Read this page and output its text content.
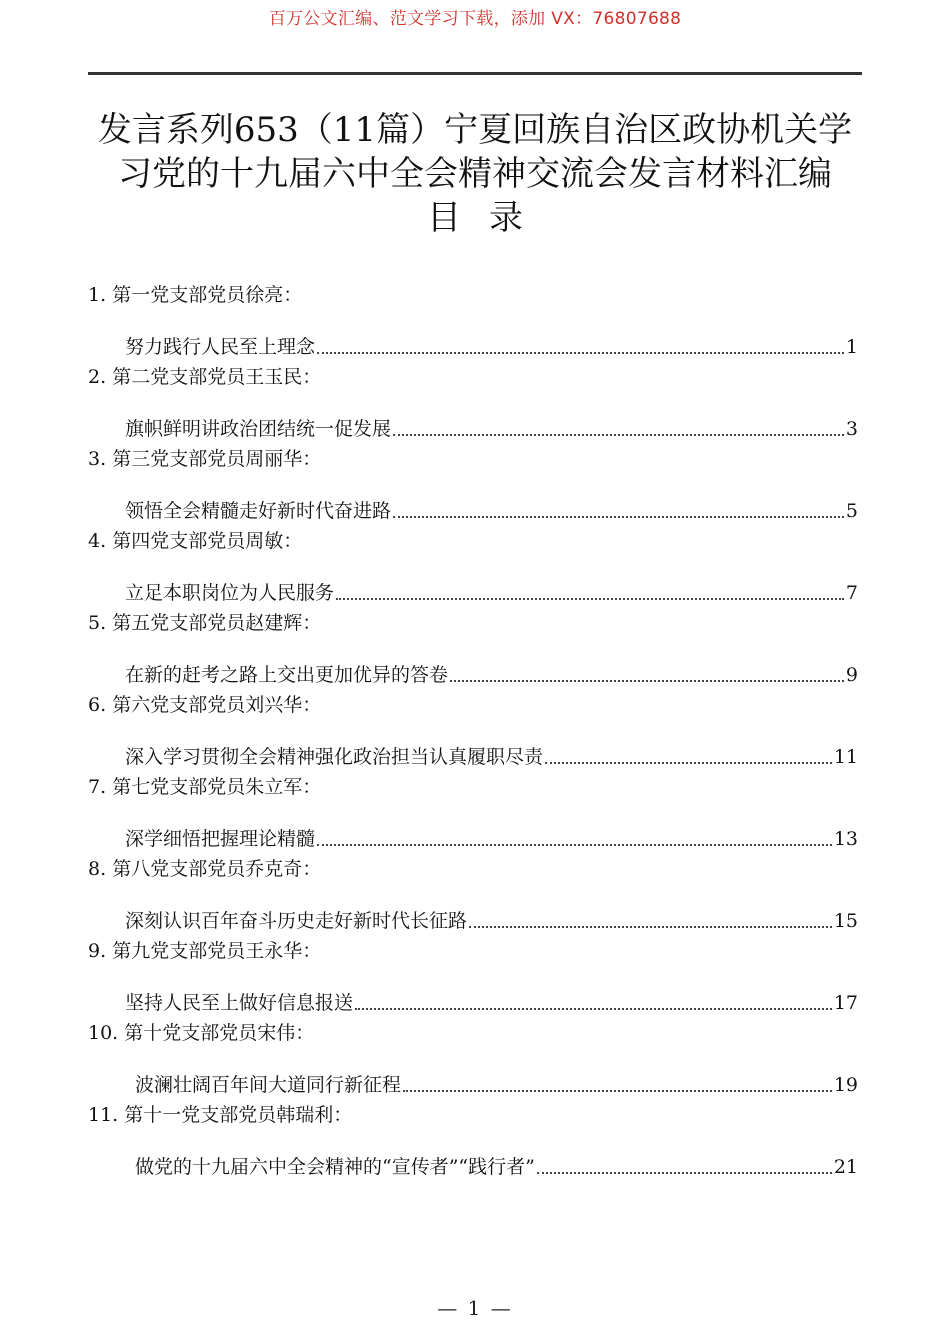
百万公文汇编、范文学习下载，添加 VX：76807688
发言系列653（11篇）宁夏回族自治区政协机关学
习党的十九届六中全会精神交流会发言材料汇编
目录
1. 第一党支部党员徐亮：
努力践行人民至上理念	1
2. 第二党支部党员王玉民：
旗帜鲜明讲政治团结统一促发展	3
3. 第三党支部党员周丽华：
领悟全会精髓走好新时代奋进路	5
4. 第四党支部党员周敏：
立足本职岗位为人民服务	7
5. 第五党支部党员赵建辉：
在新的赶考之路上交出更加优异的答卷	9
6. 第六党支部党员刘兴华：
深入学习贯彻全会精神强化政治担当认真履职尽责	11
7. 第七党支部党员朱立军：
深学细悟把握理论精髓	13
8. 第八党支部党员乔克奇：
深刻认识百年奋斗历史走好新时代长征路	15
9. 第九党支部党员王永华：
坚持人民至上做好信息报送	17
10. 第十党支部党员宋伟：
波澜壮阔百年间大道同行新征程	19
11. 第十一党支部党员韩瑞利：
做党的十九届六中全会精神的“宣传者”“践行者”	21
— 1 —
